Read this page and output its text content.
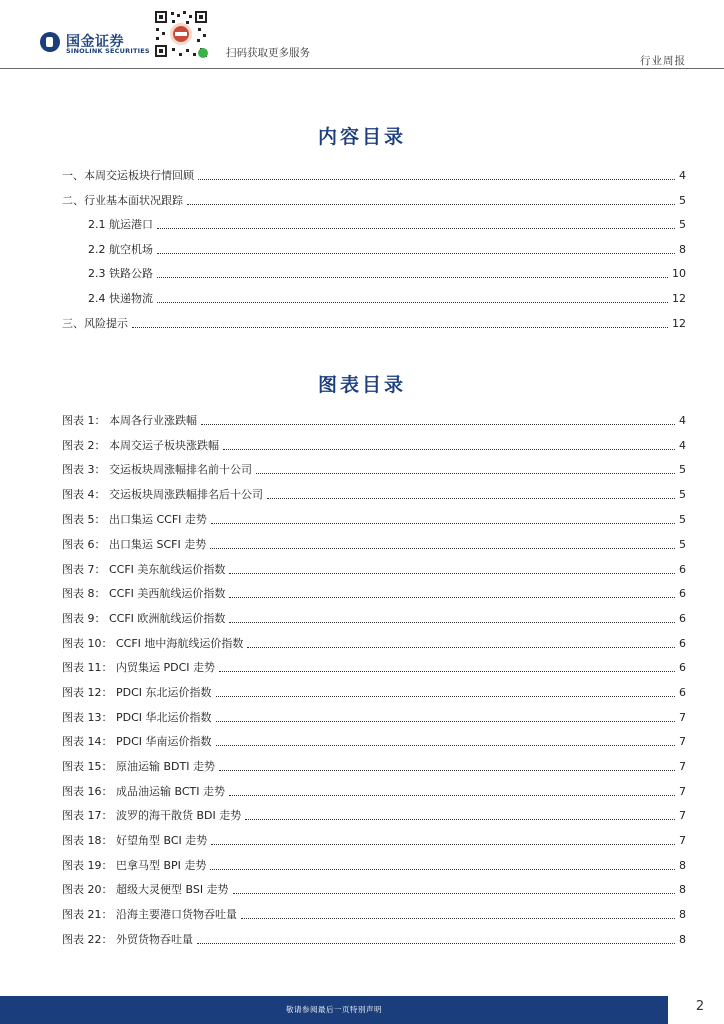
国金证券
SINOLINK SECURITIES	扫码获取更多服务
行业周报
内容目录
一、本周交运板块行情回顾	4
二、行业基本面状况跟踪	5
2.1 航运港口	5
2.2 航空机场	8
2.3 铁路公路	10
2.4 快递物流	12
三、风险提示	12
图表目录
图表 1： 本周各行业涨跌幅	4
图表 2： 本周交运子板块涨跌幅	4
图表 3： 交运板块周涨幅排名前十公司	5
图表 4： 交运板块周涨跌幅排名后十公司	5
图表 5： 出口集运 CCFI 走势	5
图表 6： 出口集运 SCFI 走势	5
图表 7： CCFI 美东航线运价指数	6
图表 8： CCFI 美西航线运价指数	6
图表 9： CCFI 欧洲航线运价指数	6
图表 10： CCFI 地中海航线运价指数	6
图表 11： 内贸集运 PDCI 走势	6
图表 12： PDCI 东北运价指数	6
图表 13： PDCI 华北运价指数	7
图表 14： PDCI 华南运价指数	7
图表 15： 原油运输 BDTI 走势	7
图表 16： 成品油运输 BCTI 走势	7
图表 17： 波罗的海干散货 BDI 走势	7
图表 18： 好望角型 BCI 走势	7
图表 19： 巴拿马型 BPI 走势	8
图表 20： 超级大灵便型 BSI 走势	8
图表 21： 沿海主要港口货物吞吐量	8
图表 22： 外贸货物吞吐量	8
敬请参阅最后一页特别声明	2
